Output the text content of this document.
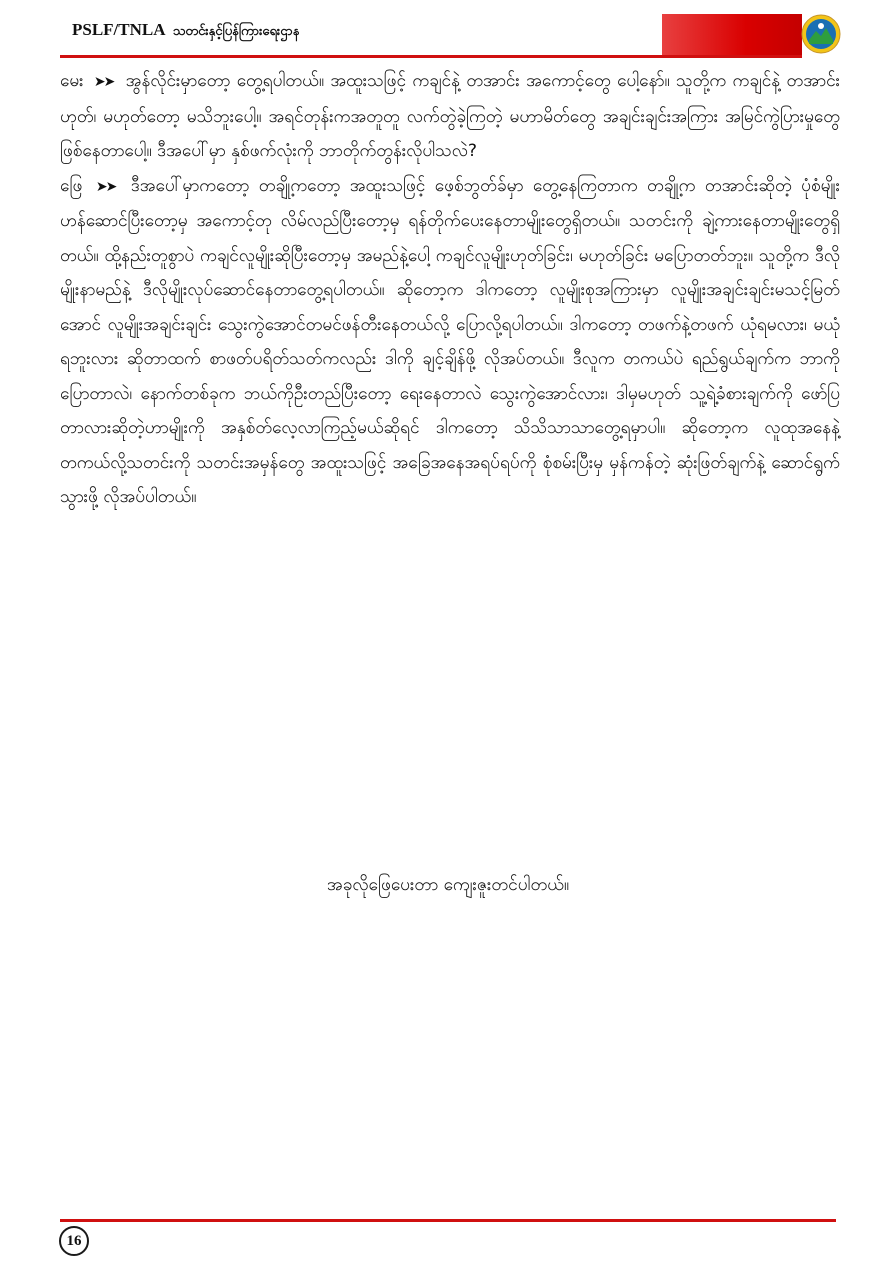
PSLF/TNLA သတင်းနှင့်ပြန်ကြားရေးဌာန

မေး ➤➤ အွန်လိုင်းမှာတော့ တွေ့ရပါတယ်။ အထူးသဖြင့် ကချင်နဲ့ တအာင်း အကောင့်တွေ ပေါ့နော်။ သူတို့က ကချင်နဲ့ တအာင်း ဟုတ်၊ မဟုတ်တော့ မသိဘူးပေါ့။ အရင်တုန်းကအတူတူ လက်တွဲခဲ့ကြတဲ့ မဟာမိတ်တွေ အချင်းချင်းအကြား အမြင်ကွဲပြားမှုတွေ ဖြစ်နေတာပေါ့။ ဒီအပေါ်မှာ နှစ်ဖက်လုံးကို ဘာတိုက်တွန်းလိုပါသလဲ?

ဖြေ ➤➤ ဒီအပေါ်မှာကတော့ တချို့ကတော့ အထူးသဖြင့် ဖေ့စ်ဘွတ်ခ်မှာ တွေ့နေကြတာက တချို့က တအာင်းဆိုတဲ့ ပုံစံမျိုးဟန်ဆောင်ပြီးတော့မှ အကောင့်တု လိမ်လည်ပြီးတော့မှ ရန်တိုက်ပေးနေတာမျိုးတွေရှိတယ်။ သတင်းကို ချဲ့ကားနေတာမျိုးတွေရှိတယ်။ ထို့နည်းတူစွာပဲ ကချင်လူမျိုးဆိုပြီးတော့မှ အမည်နဲ့ပေါ့ ကချင်လူမျိုးဟုတ်ခြင်း၊ မဟုတ်ခြင်း မပြောတတ်ဘူး။ သူတို့က ဒီလိုမျိုးနာမည်နဲ့ ဒီလိုမျိုးလုပ်ဆောင်နေတာတွေ့ရပါတယ်။ ဆိုတော့က ဒါကတော့ လူမျိုးစုအကြားမှာ လူမျိုးအချင်းချင်းမသင့်မြတ်အောင် လူမျိုးအချင်းချင်း သွေးကွဲအောင်တမင်ဖန်တီးနေတယ်လို့ ပြောလို့ရပါတယ်။ ဒါကတော့ တဖက်နဲ့တဖက် ယုံရမလား၊ မယုံရဘူးလား ဆိုတာထက် စာဖတ်ပရိတ်သတ်ကလည်း ဒါကို ချင့်ချိန်ဖို့ လိုအပ်တယ်။ ဒီလူက တကယ်ပဲ ရည်ရွယ်ချက်က ဘာကိုပြောတာလဲ၊ နောက်တစ်ခုက ဘယ်ကိုဦးတည်ပြီးတော့ ရေးနေတာလဲ သွေးကွဲအောင်လား၊ ဒါမှမဟုတ် သူ့ရဲ့ခံစားချက်ကို ဖော်ပြတာလားဆိုတဲ့ဟာမျိုးကို အနှစ်တ်လေ့လာကြည့်မယ်ဆိုရင် ဒါကတော့ သိသိသာသာတွေ့ရမှာပါ။ ဆိုတော့က လူထုအနေနဲ့ တကယ်လို့သတင်းကို သတင်းအမှန်တွေ အထူးသဖြင့် အခြေအနေအရပ်ရပ်ကို စုံစမ်းပြီးမှ မှန်ကန်တဲ့ ဆုံးဖြတ်ချက်နဲ့ ဆောင်ရွက်သွားဖို့ လိုအပ်ပါတယ်။

အခုလိုဖြေပေးတာ ကျေးဇူးတင်ပါတယ်။
16
